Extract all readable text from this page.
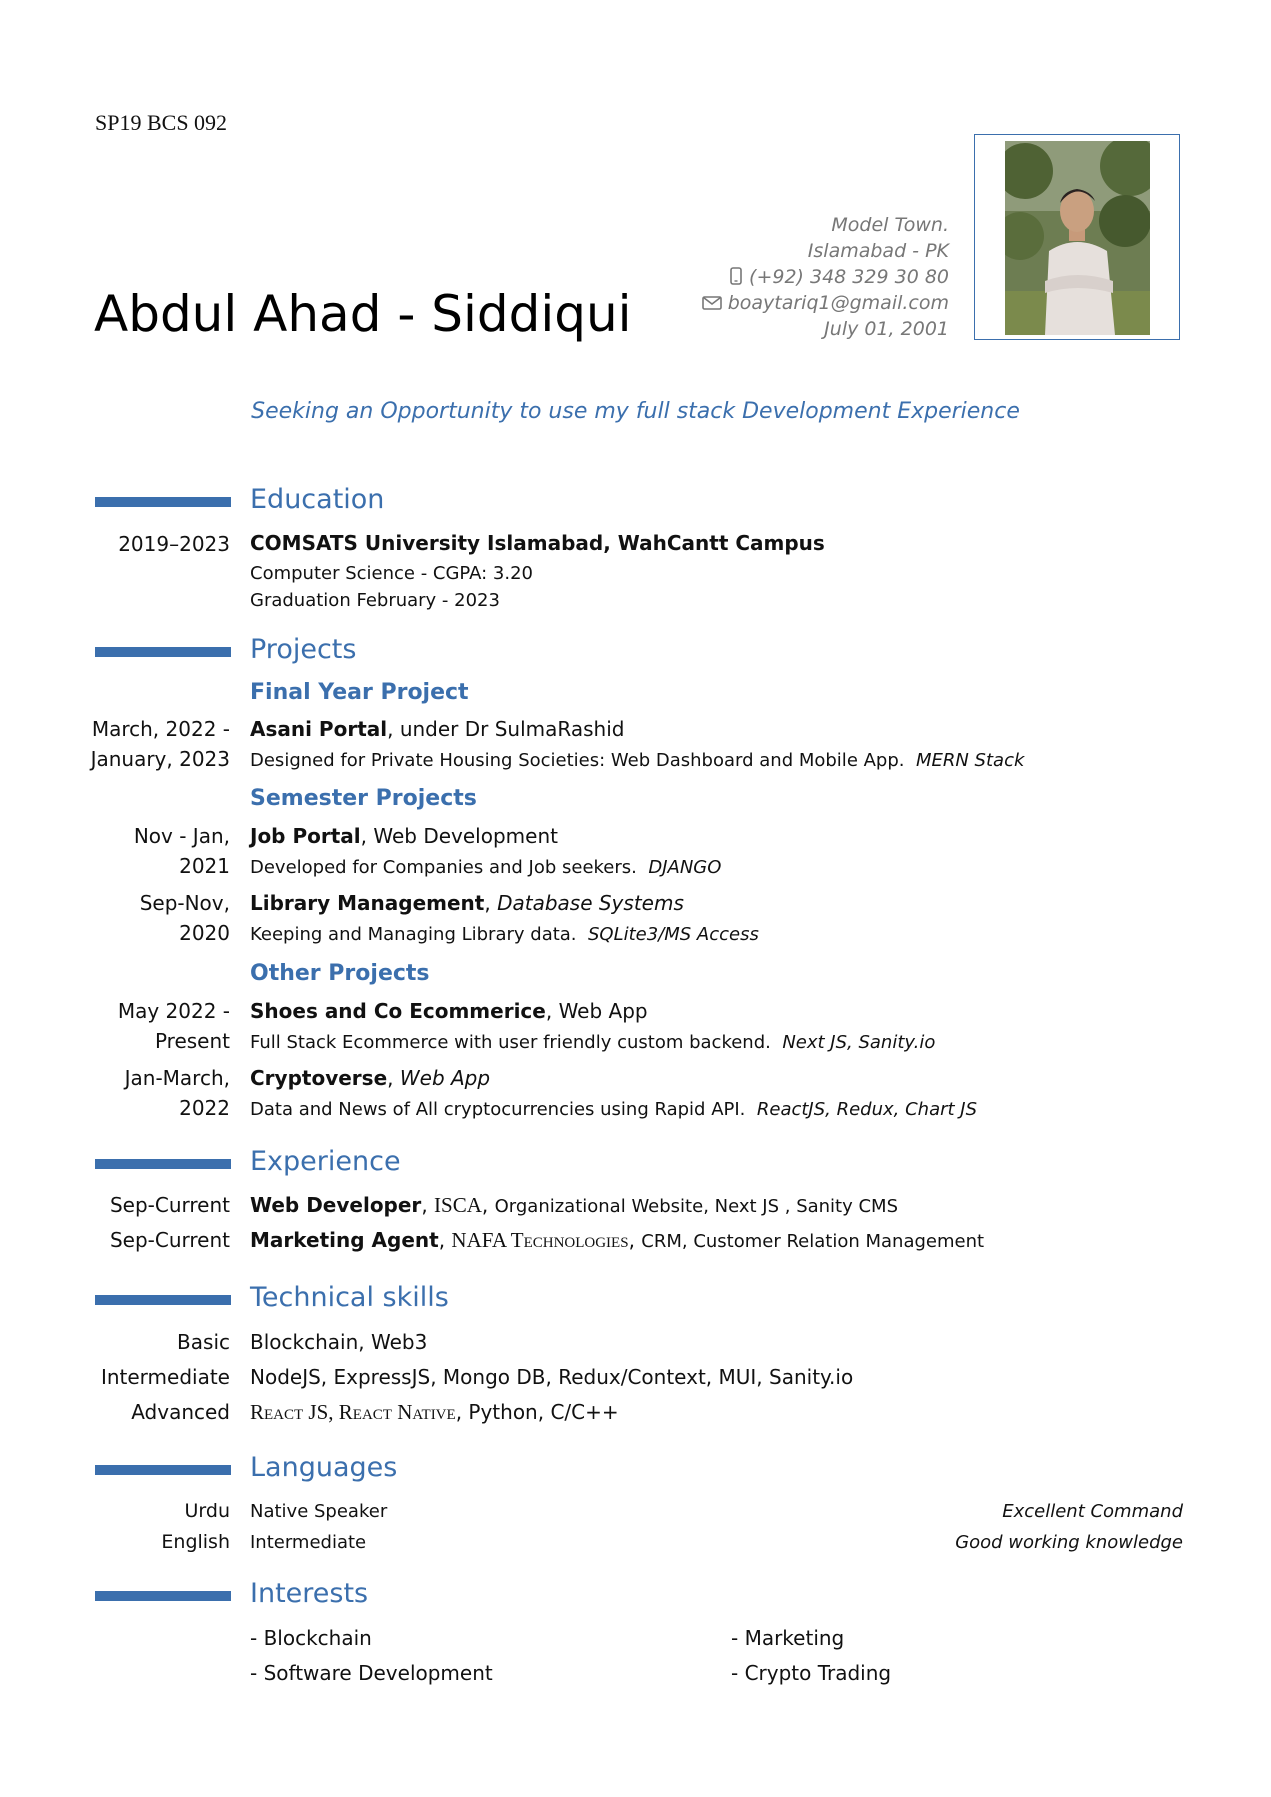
SP19 BCS 092
Abdul Ahad - Siddiqui
Model Town.
Islamabad - PK
(+92) 348 329 30 80
boaytariq1@gmail.com
July 01, 2001
Seeking an Opportunity to use my full stack Development Experience
Education
2019–2023 COMSATS University Islamabad, WahCantt Campus
Computer Science - CGPA: 3.20
Graduation February - 2023
Projects
Final Year Project
March, 2022 -
January, 2023
Asani Portal, under Dr SulmaRashid
Designed for Private Housing Societies: Web Dashboard and Mobile App. MERN Stack
Semester Projects
Nov - Jan,
2021
Job Portal, Web Development
Developed for Companies and Job seekers. DJANGO
Sep-Nov,
2020
Library Management, Database Systems
Keeping and Managing Library data. SQLite3/MS Access
Other Projects
May 2022 -
Present
Shoes and Co Ecommerice, Web App
Full Stack Ecommerce with user friendly custom backend. Next JS, Sanity.io
Jan-March,
2022
Cryptoverse, Web App
Data and News of All cryptocurrencies using Rapid API. ReactJS, Redux, Chart JS
Experience
Sep-Current Web Developer, ISCA, Organizational Website, Next JS , Sanity CMS
Sep-Current Marketing Agent, NAFA Technologies, CRM, Customer Relation Management
Technical skills
Basic Blockchain, Web3
Intermediate NodeJS, ExpressJS, Mongo DB, Redux/Context, MUI, Sanity.io
Advanced React JS, React Native, Python, C/C++
Languages
Urdu Native Speaker	Excellent Command
English Intermediate	Good working knowledge
Interests
- Blockchain	- Marketing
- Software Development	- Crypto Trading
